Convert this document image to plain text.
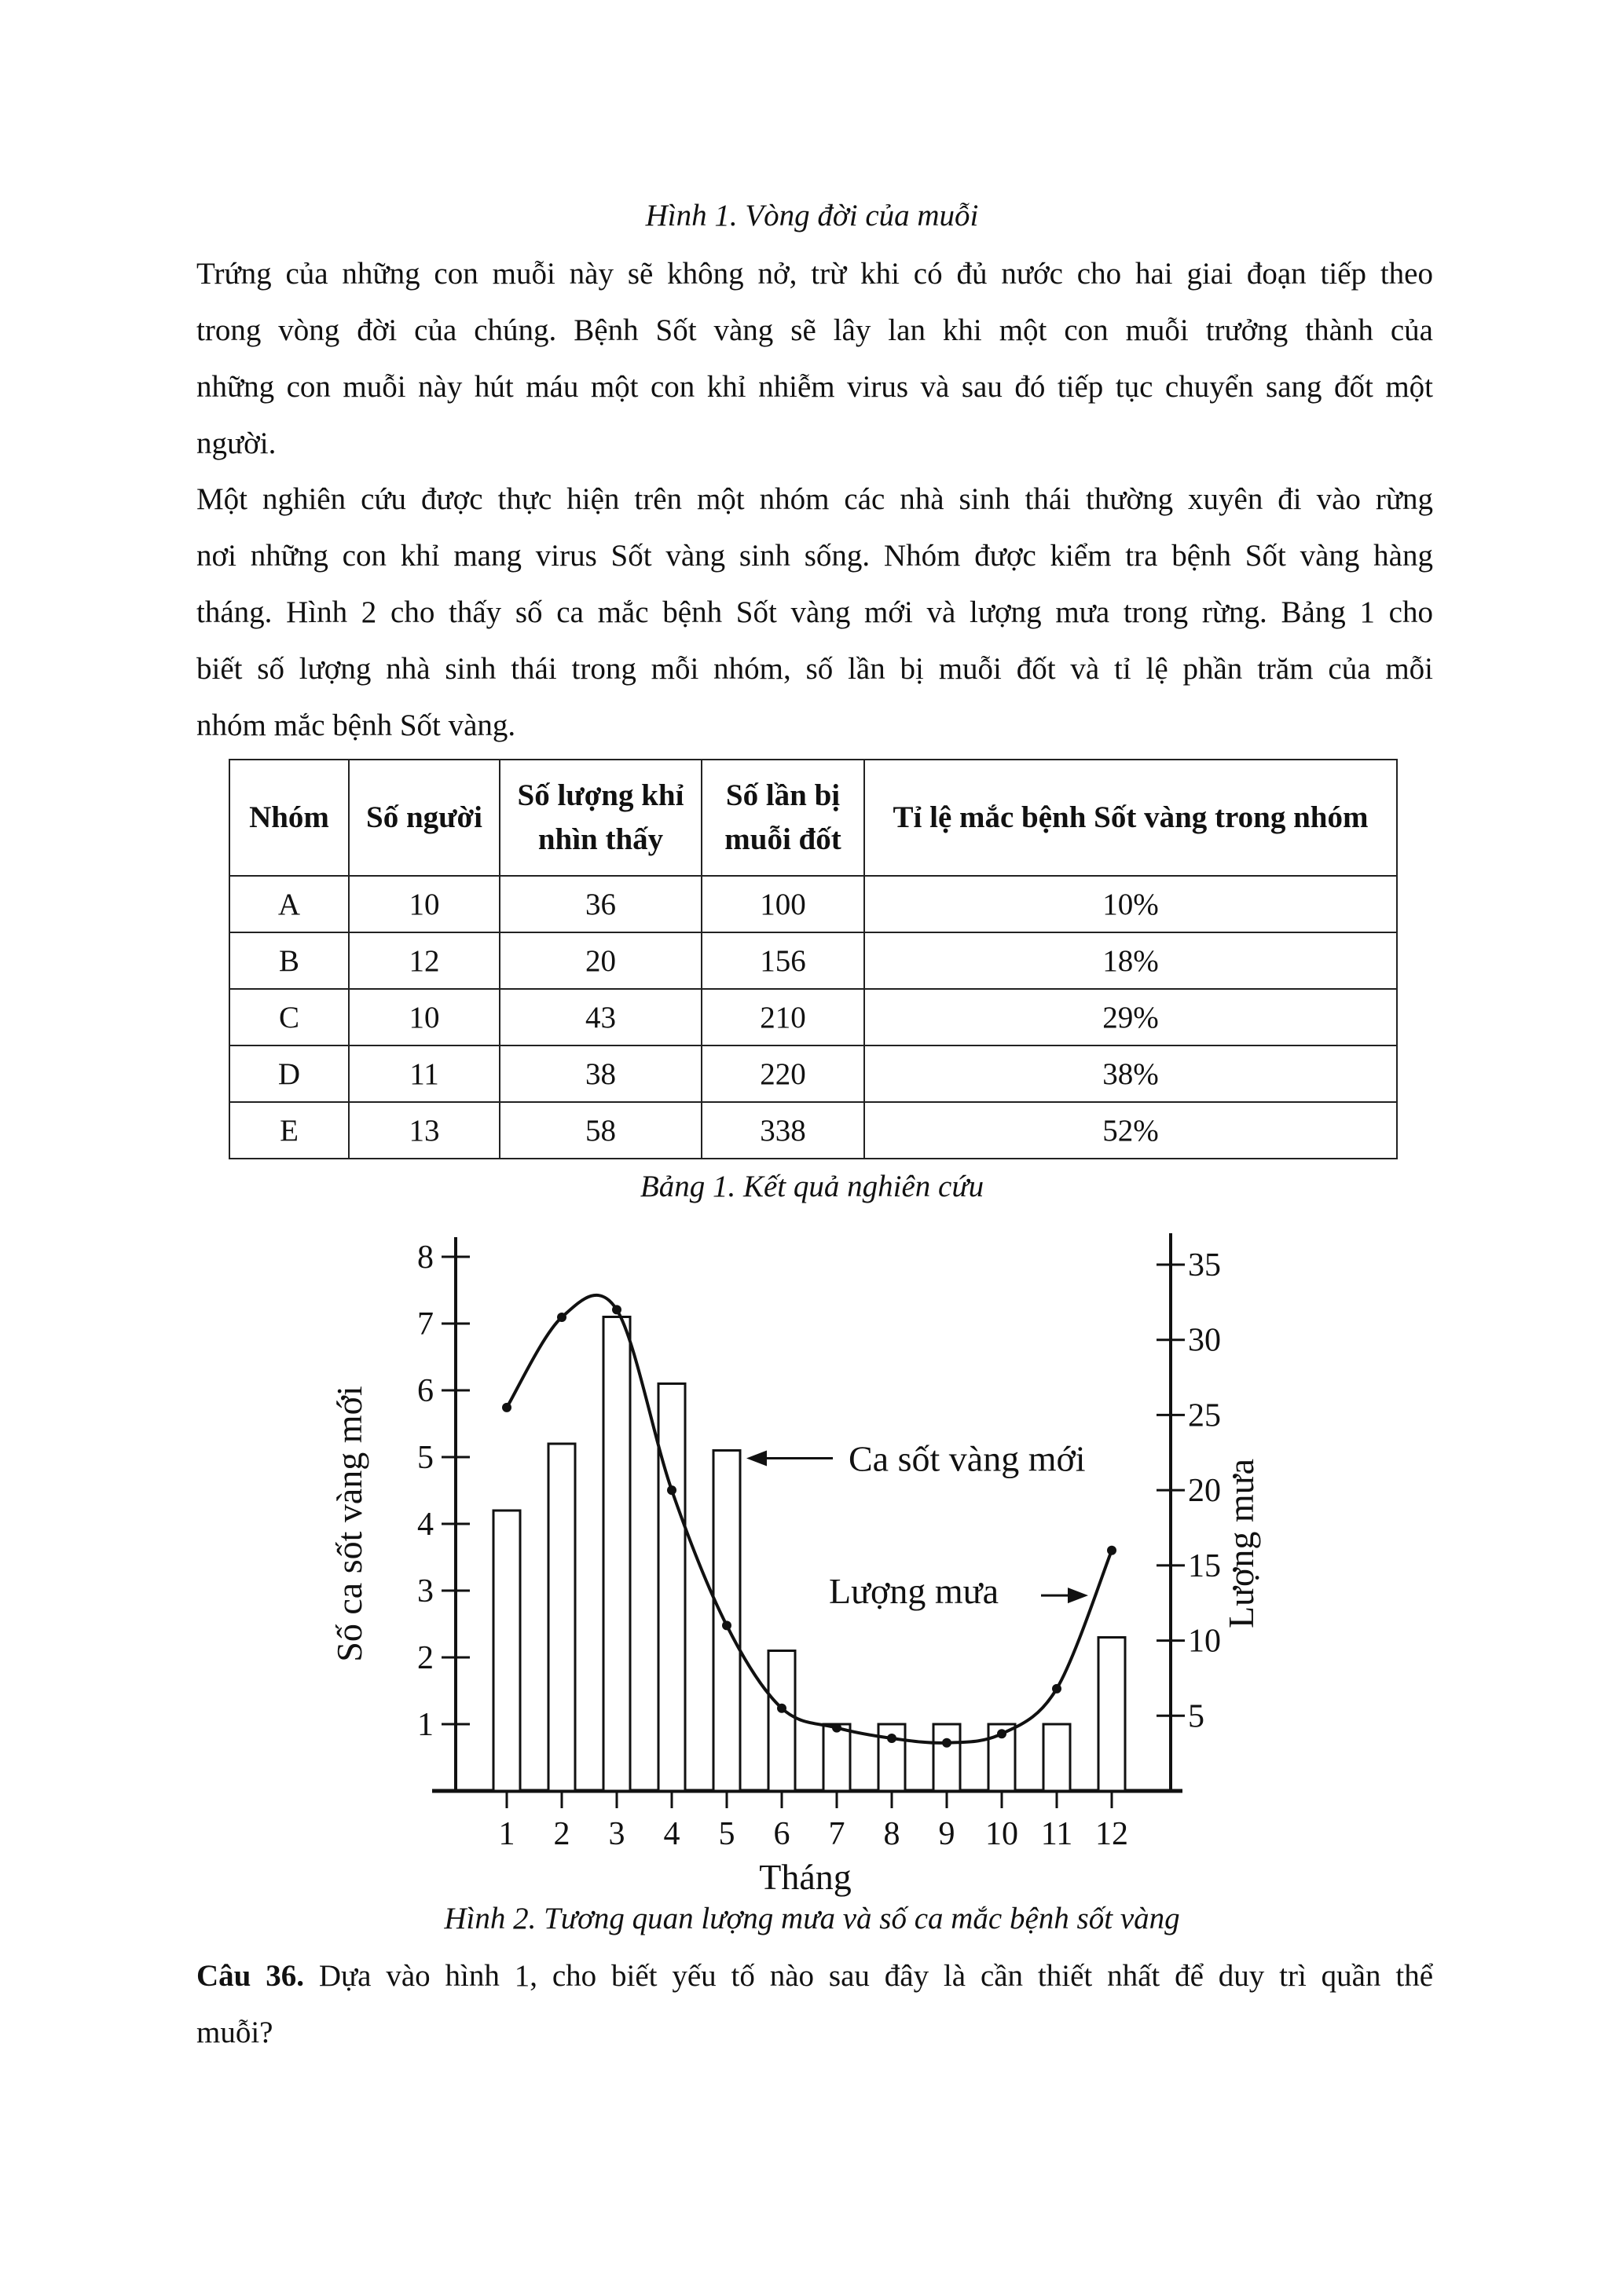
Hình 1. Vòng đời của muỗi

Trứng của những con muỗi này sẽ không nở, trừ khi có đủ nước cho hai giai đoạn tiếp theo
trong vòng đời của chúng. Bệnh Sốt vàng sẽ lây lan khi một con muỗi trưởng thành của
những con muỗi này hút máu một con khỉ nhiễm virus và sau đó tiếp tục chuyển sang đốt một
người.

Một nghiên cứu được thực hiện trên một nhóm các nhà sinh thái thường xuyên đi vào rừng
nơi những con khỉ mang virus Sốt vàng sinh sống. Nhóm được kiểm tra bệnh Sốt vàng hàng
tháng. Hình 2 cho thấy số ca mắc bệnh Sốt vàng mới và lượng mưa trong rừng. Bảng 1 cho
biết số lượng nhà sinh thái trong mỗi nhóm, số lần bị muỗi đốt và tỉ lệ phần trăm của mỗi
nhóm mắc bệnh Sốt vàng.

Nhóm	Số người	Số lượng khỉ nhìn thấy	Số lần bị muỗi đốt	Tỉ lệ mắc bệnh Sốt vàng trong nhóm
A	10	36	100	10%
B	12	20	156	18%
C	10	43	210	29%
D	11	38	220	38%
E	13	58	338	52%
Bảng 1. Kết quả nghiên cứu
1
2
3
4
5
6
7
8
5
10
15
20
25
30
35
1 2 3 4 5 6 7 8 9 10 11 12
Ca sốt vàng mới
Lượng mưa
Tháng
Số ca sốt vàng mới	Lượng mưa
Hình 2. Tương quan lượng mưa và số ca mắc bệnh sốt vàng

Câu 36. Dựa vào hình 1, cho biết yếu tố nào sau đây là cần thiết nhất để duy trì quần thể
muỗi?
